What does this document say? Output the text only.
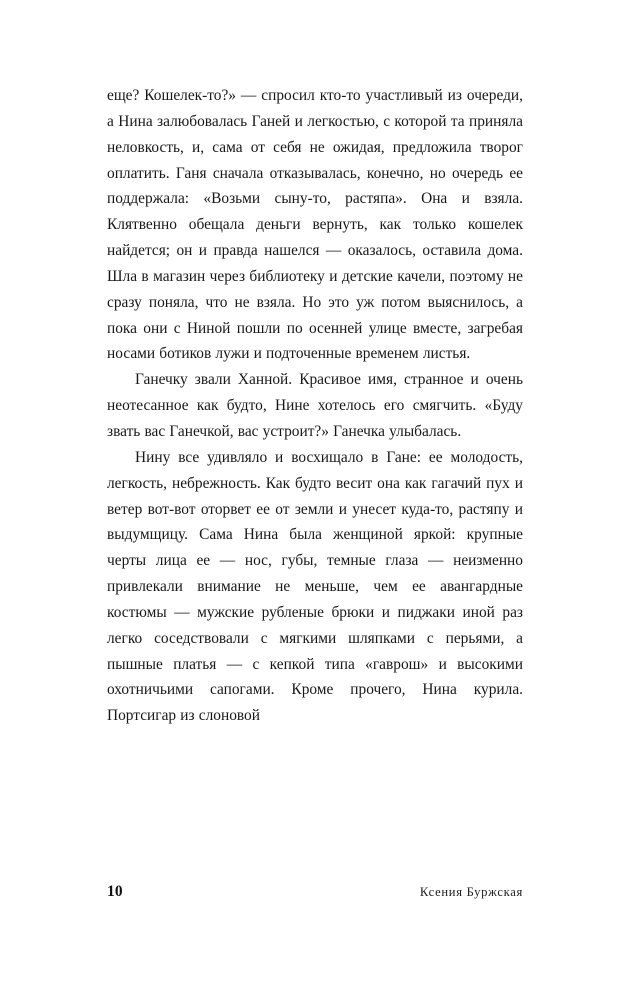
еще? Кошелек-то?» — спросил кто-то участливый из очереди, а Нина залюбовалась Ганей и легкостью, с которой та приняла неловкость, и, сама от себя не ожидая, предложила творог оплатить. Ганя сначала отказывалась, конечно, но очередь ее поддержала: «Возьми сыну-то, растяпа». Она и взяла. Клятвенно обещала деньги вернуть, как только кошелек найдется; он и правда нашелся — оказалось, оставила дома. Шла в магазин через библиотеку и детские качели, поэтому не сразу поняла, что не взяла. Но это уж потом выяснилось, а пока они с Ниной пошли по осенней улице вместе, загребая носами ботиков лужи и подточенные временем листья.

Ганечку звали Ханной. Красивое имя, странное и очень неотесанное как будто, Нине хотелось его смягчить. «Буду звать вас Ганечкой, вас устроит?» Ганечка улыбалась.

Нину все удивляло и восхищало в Гане: ее молодость, легкость, небрежность. Как будто весит она как гагачий пух и ветер вот-вот оторвет ее от земли и унесет куда-то, растяпу и выдумщицу. Сама Нина была женщиной яркой: крупные черты лица ее — нос, губы, темные глаза — неизменно привлекали внимание не меньше, чем ее авангардные костюмы — мужские рубленые брюки и пиджаки иной раз легко соседствовали с мягкими шляпками с перьями, а пышные платья — с кепкой типа «гаврош» и высокими охотничьими сапогами. Кроме прочего, Нина курила. Портсигар из слоновой

10	Ксения Буржская
